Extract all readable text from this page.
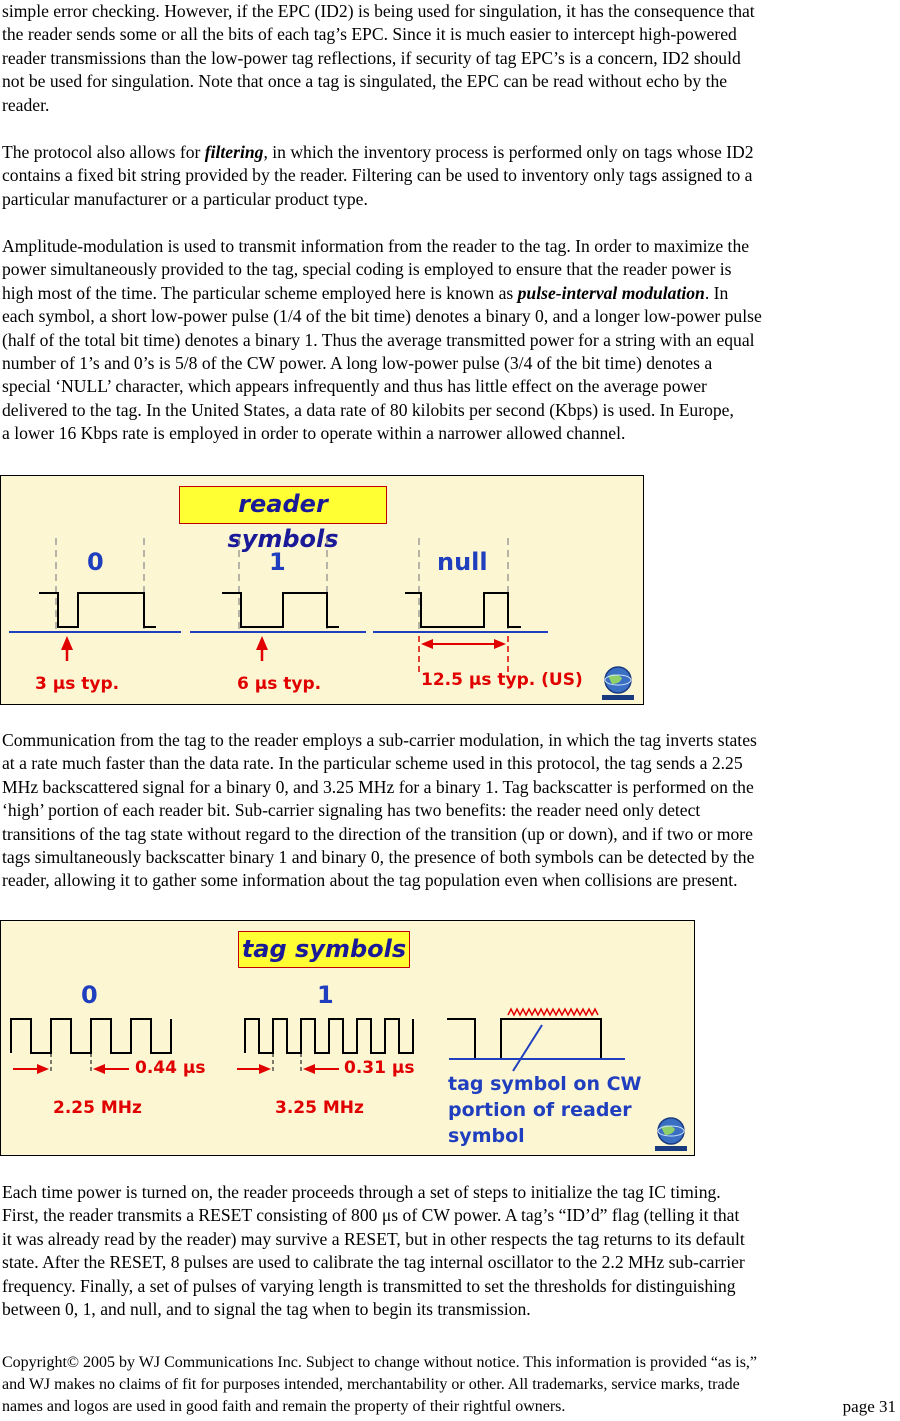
simple error checking. However, if the EPC (ID2) is being used for singulation, it has the consequence that
the reader sends some or all the bits of each tag’s EPC. Since it is much easier to intercept high-powered
reader transmissions than the low-power tag reflections, if security of tag EPC’s is a concern, ID2 should
not be used for singulation. Note that once a tag is singulated, the EPC can be read without echo by the
reader.
The protocol also allows for filtering, in which the inventory process is performed only on tags whose ID2
contains a fixed bit string provided by the reader. Filtering can be used to inventory only tags assigned to a
particular manufacturer or a particular product type.
Amplitude-modulation is used to transmit information from the reader to the tag. In order to maximize the
power simultaneously provided to the tag, special coding is employed to ensure that the reader power is
high most of the time. The particular scheme employed here is known as pulse-interval modulation. In
each symbol, a short low-power pulse (1/4 of the bit time) denotes a binary 0, and a longer low-power pulse
(half of the total bit time) denotes a binary 1. Thus the average transmitted power for a string with an equal
number of 1’s and 0’s is 5/8 of the CW power. A long low-power pulse (3/4 of the bit time) denotes a
special ‘NULL’ character, which appears infrequently and thus has little effect on the average power
delivered to the tag. In the United States, a data rate of 80 kilobits per second (Kbps) is used. In Europe,
a lower 16 Kbps rate is employed in order to operate within a narrower allowed channel.
reader symbols
0	1	null
3 μs typ.	6 μs typ.	12.5 μs typ. (US)
Communication from the tag to the reader employs a sub-carrier modulation, in which the tag inverts states
at a rate much faster than the data rate. In the particular scheme used in this protocol, the tag sends a 2.25
MHz backscattered signal for a binary 0, and 3.25 MHz for a binary 1. Tag backscatter is performed on the
‘high’ portion of each reader bit. Sub-carrier signaling has two benefits: the reader need only detect
transitions of the tag state without regard to the direction of the transition (up or down), and if two or more
tags simultaneously backscatter binary 1 and binary 0, the presence of both symbols can be detected by the
reader, allowing it to gather some information about the tag population even when collisions are present.
tag symbols
0	1
0.44 μs	0.31 μs
2.25 MHz	3.25 MHz
tag symbol on CW
portion of reader
symbol
Each time power is turned on, the reader proceeds through a set of steps to initialize the tag IC timing.
First, the reader transmits a RESET consisting of 800 μs of CW power. A tag’s “ID’d” flag (telling it that
it was already read by the reader) may survive a RESET, but in other respects the tag returns to its default
state. After the RESET, 8 pulses are used to calibrate the tag internal oscillator to the 2.2 MHz sub-carrier
frequency. Finally, a set of pulses of varying length is transmitted to set the thresholds for distinguishing
between 0, 1, and null, and to signal the tag when to begin its transmission.
Copyright© 2005 by WJ Communications Inc. Subject to change without notice. This information is provided “as is,”
and WJ makes no claims of fit for purposes intended, merchantability or other. All trademarks, service marks, trade
names and logos are used in good faith and remain the property of their rightful owners.	page 31
